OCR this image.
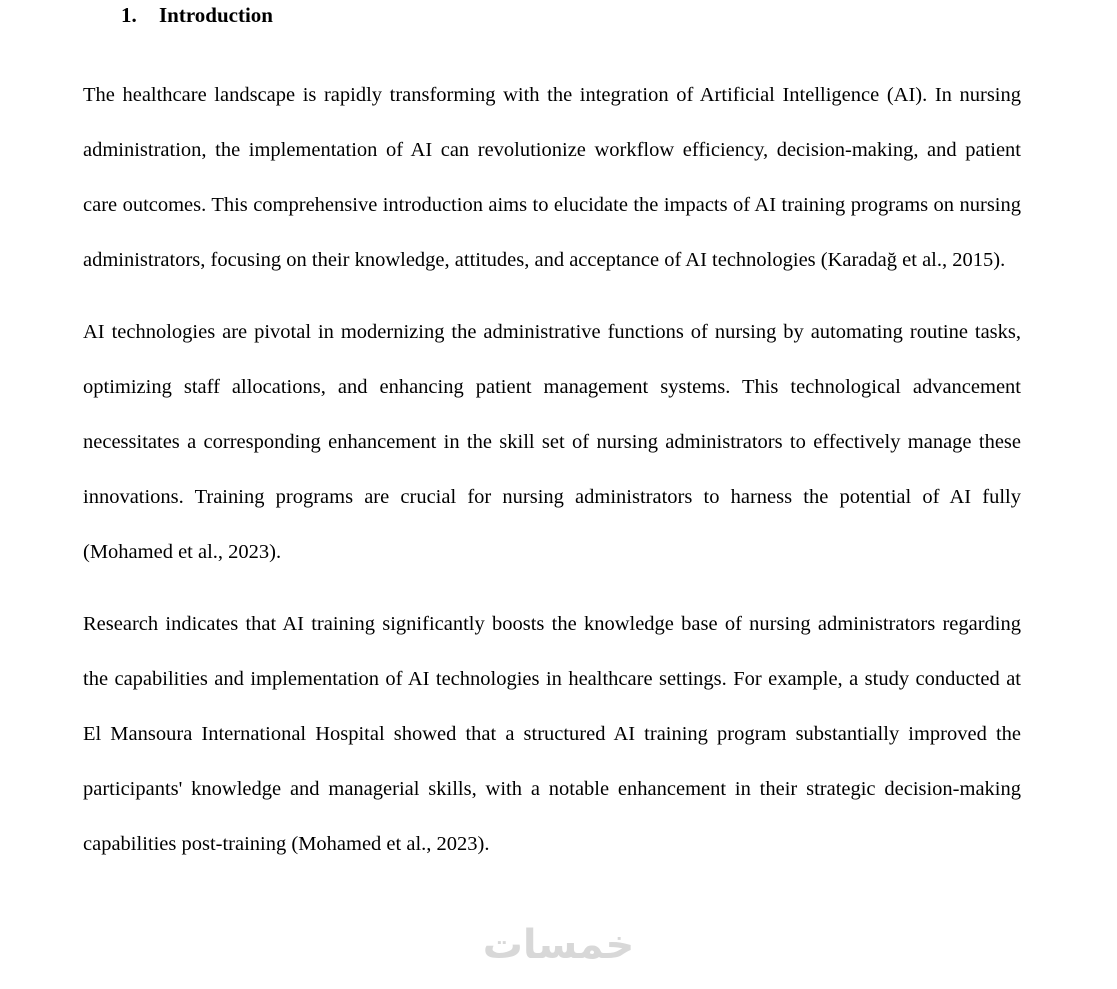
1. Introduction

The healthcare landscape is rapidly transforming with the integration of Artificial Intelligence (AI). In nursing administration, the implementation of AI can revolutionize workflow efficiency, decision-making, and patient care outcomes. This comprehensive introduction aims to elucidate the impacts of AI training programs on nursing administrators, focusing on their knowledge, attitudes, and acceptance of AI technologies (Karadağ et al., 2015).

AI technologies are pivotal in modernizing the administrative functions of nursing by automating routine tasks, optimizing staff allocations, and enhancing patient management systems. This technological advancement necessitates a corresponding enhancement in the skill set of nursing administrators to effectively manage these innovations. Training programs are crucial for nursing administrators to harness the potential of AI fully (Mohamed et al., 2023).

Research indicates that AI training significantly boosts the knowledge base of nursing administrators regarding the capabilities and implementation of AI technologies in healthcare settings. For example, a study conducted at El Mansoura International Hospital showed that a structured AI training program substantially improved the participants' knowledge and managerial skills, with a notable enhancement in their strategic decision-making capabilities post-training (Mohamed et al., 2023).

خمسات
